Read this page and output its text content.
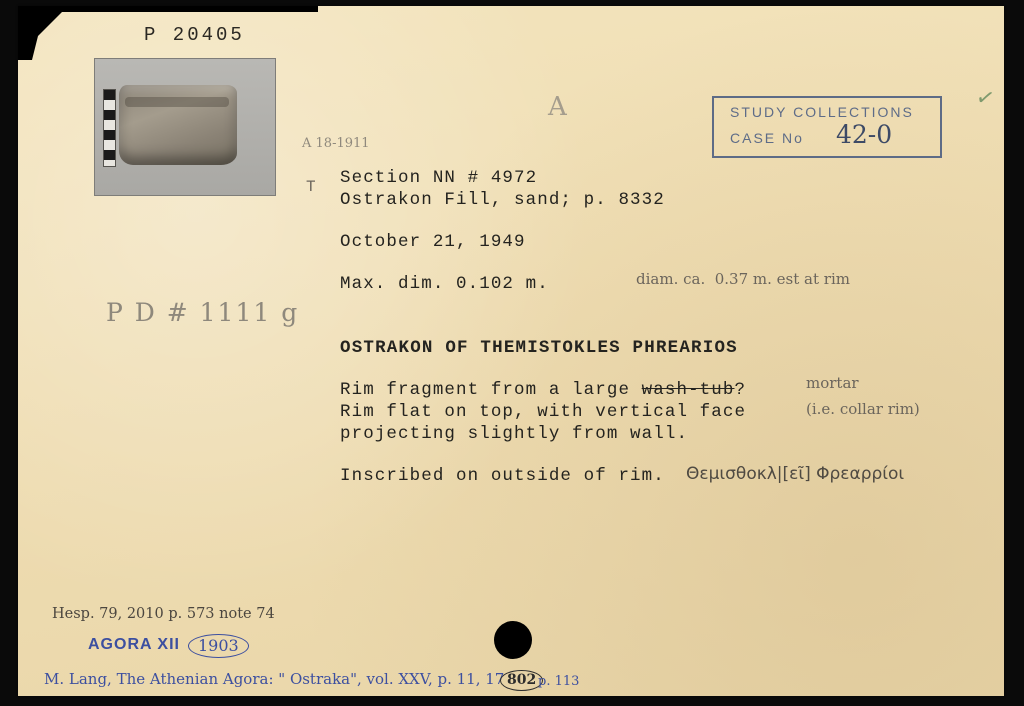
P 20405
A 18-1911
T
A	✓
STUDY COLLECTIONS
CASE No 42-0
Section NN # 4972
Ostrakon Fill, sand; p. 8332
October 21, 1949
Max. dim. 0.102 m.	diam. ca.  0.37 m. est at rim
OSTRAKON OF THEMISTOKLES PHREARIOS
Rim fragment from a large wash-tub?	mortar
Rim flat on top, with vertical face	(i.e. collar rim)
projecting slightly from wall.
Inscribed on outside of rim. Θεμισθοκλ|[εῖ] Φρεαρρίοι
P D # 1111 g
Hesp. 79, 2010 p. 573 note 74
AGORA XII	1903
M. Lang, The Athenian Agora: " Ostraka", vol. XXV, p. 11, 17 802 p. 113
